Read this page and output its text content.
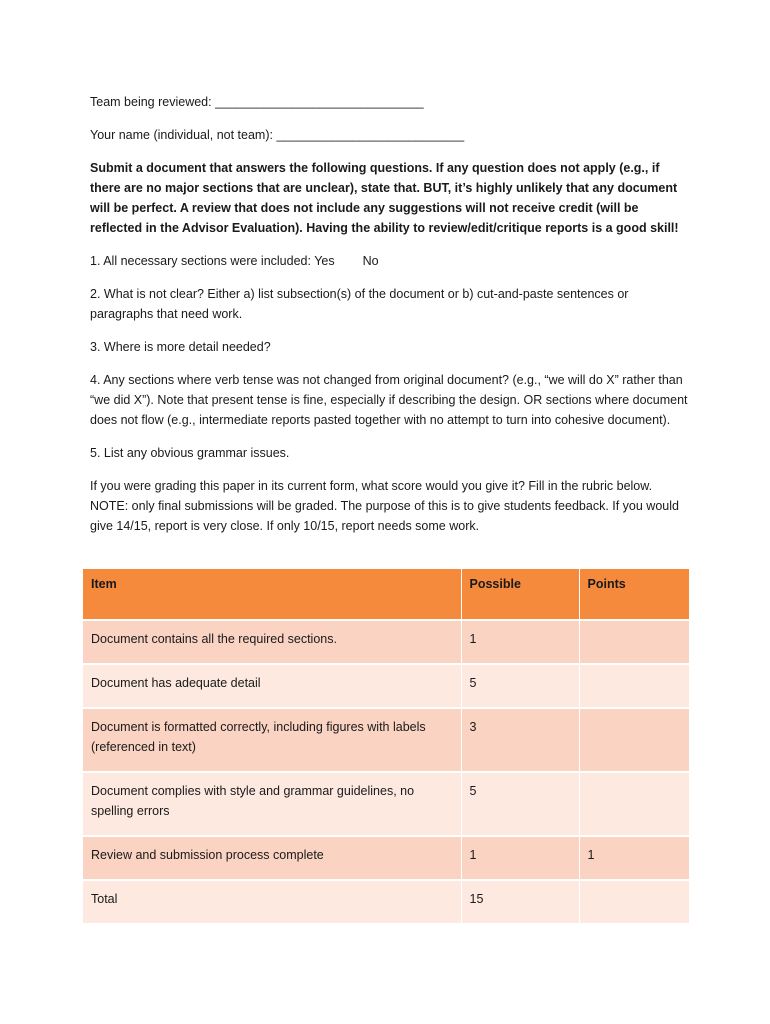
Team being reviewed: ______________________________
Your name (individual, not team): ___________________________
Submit a document that answers the following questions. If any question does not apply (e.g., if there are no major sections that are unclear), state that. BUT, it’s highly unlikely that any document will be perfect. A review that does not include any suggestions will not receive credit (will be reflected in the Advisor Evaluation). Having the ability to review/edit/critique reports is a good skill!
1. All necessary sections were included: Yes No
2. What is not clear? Either a) list subsection(s) of the document or b) cut-and-paste sentences or paragraphs that need work.
3. Where is more detail needed?
4. Any sections where verb tense was not changed from original document? (e.g., “we will do X” rather than “we did X”). Note that present tense is fine, especially if describing the design. OR sections where document does not flow (e.g., intermediate reports pasted together with no attempt to turn into cohesive document).
5. List any obvious grammar issues.
If you were grading this paper in its current form, what score would you give it? Fill in the rubric below. NOTE: only final submissions will be graded. The purpose of this is to give students feedback. If you would give 14/15, report is very close. If only 10/15, report needs some work.
Item	Possible	Points
Document contains all the required sections.	1	
Document has adequate detail	5	
Document is formatted correctly, including figures with labels (referenced in text)	3	
Document complies with style and grammar guidelines, no spelling errors	5	
Review and submission process complete	1	1
Total	15	
